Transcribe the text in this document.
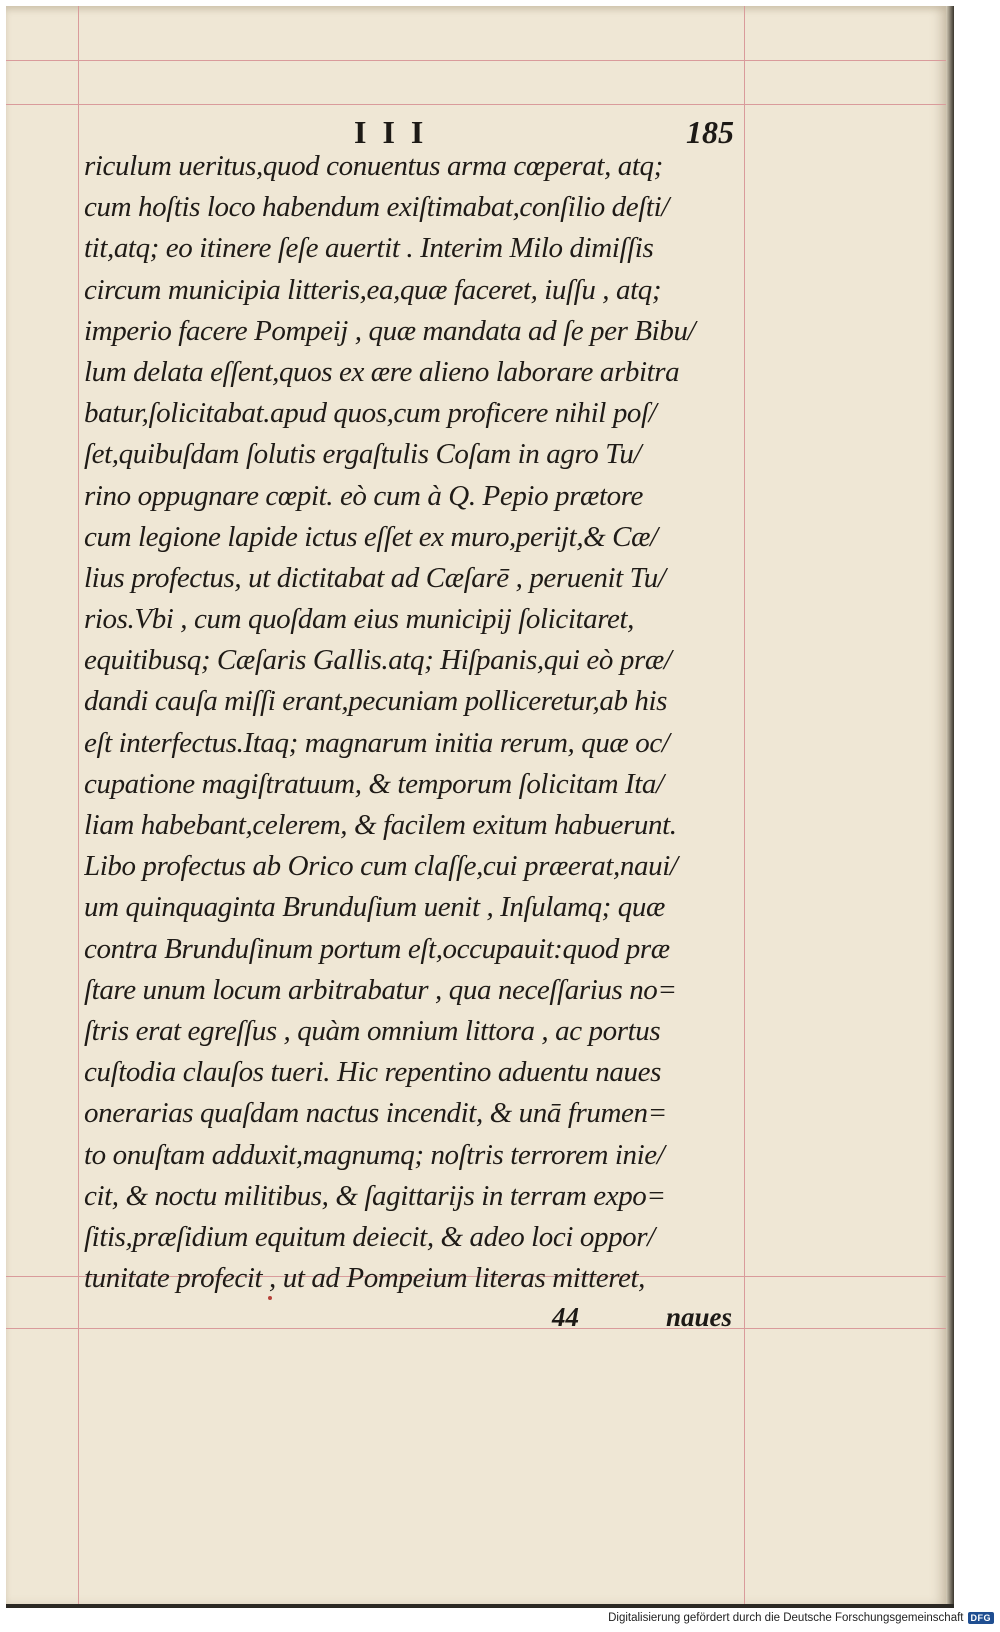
I I I	185
riculum ueritus,quod conuentus arma cœperat, atq;
cum hoſtis loco habendum exiſtimabat,conſilio deſti/
tit,atq; eo itinere ſeſe auertit . Interim Milo dimiſſis
circum municipia litteris,ea,quæ faceret, iuſſu , atq;
imperio facere Pompeij , quæ mandata ad ſe per Bibu/
lum delata eſſent,quos ex ære alieno laborare arbitra
batur,ſolicitabat.apud quos,cum proficere nihil poſ/
ſet,quibuſdam ſolutis ergaſtulis Coſam in agro Tu/
rino oppugnare cœpit. eò cum à Q. Pepio prætore
cum legione lapide ictus eſſet ex muro,perijt,& Cæ/
lius profectus, ut dictitabat ad Cæſarē , peruenit Tu/
rios.Vbi , cum quoſdam eius municipij ſolicitaret,
equitibusq; Cæſaris Gallis.atq; Hiſpanis,qui eò præ/
dandi cauſa miſſi erant,pecuniam polliceretur,ab his
eſt interfectus.Itaq; magnarum initia rerum, quæ oc/
cupatione magiſtratuum, & temporum ſolicitam Ita/
liam habebant,celerem, & facilem exitum habuerunt.
Libo profectus ab Orico cum claſſe,cui præerat,naui/
um quinquaginta Brunduſium uenit , Inſulamq; quæ
contra Brunduſinum portum eſt,occupauit:quod præ
ſtare unum locum arbitrabatur , qua neceſſarius no=
ſtris erat egreſſus , quàm omnium littora , ac portus
cuſtodia clauſos tueri. Hic repentino aduentu naues
onerarias quaſdam nactus incendit, & unā frumen=
to onuſtam adduxit,magnumq; noſtris terrorem inie/
cit, & noctu militibus, & ſagittarijs in terram expo=
ſitis,præſidium equitum deiecit, & adeo loci oppor/
tunitate profecit , ut ad Pompeium literas mitteret,
44	naues
Digitalisierung gefördert durch die Deutsche Forschungsgemeinschaft DFG
